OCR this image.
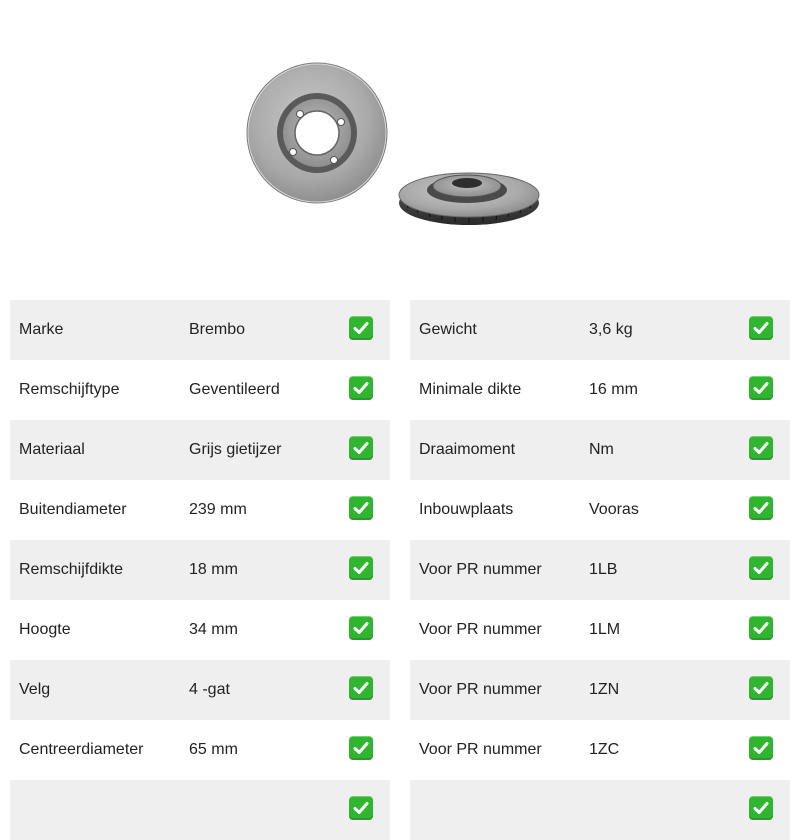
Marke	Brembo
Remschijftype	Geventileerd
Materiaal	Grijs gietijzer
Buitendiameter	239 mm
Remschijfdikte	18 mm
Hoogte	34 mm
Velg	4 -gat
Centreerdiameter	65 mm
Gewicht	3,6 kg
Minimale dikte	16 mm
Draaimoment	Nm
Inbouwplaats	Vooras
Voor PR nummer	1LB
Voor PR nummer	1LM
Voor PR nummer	1ZN
Voor PR nummer	1ZC
